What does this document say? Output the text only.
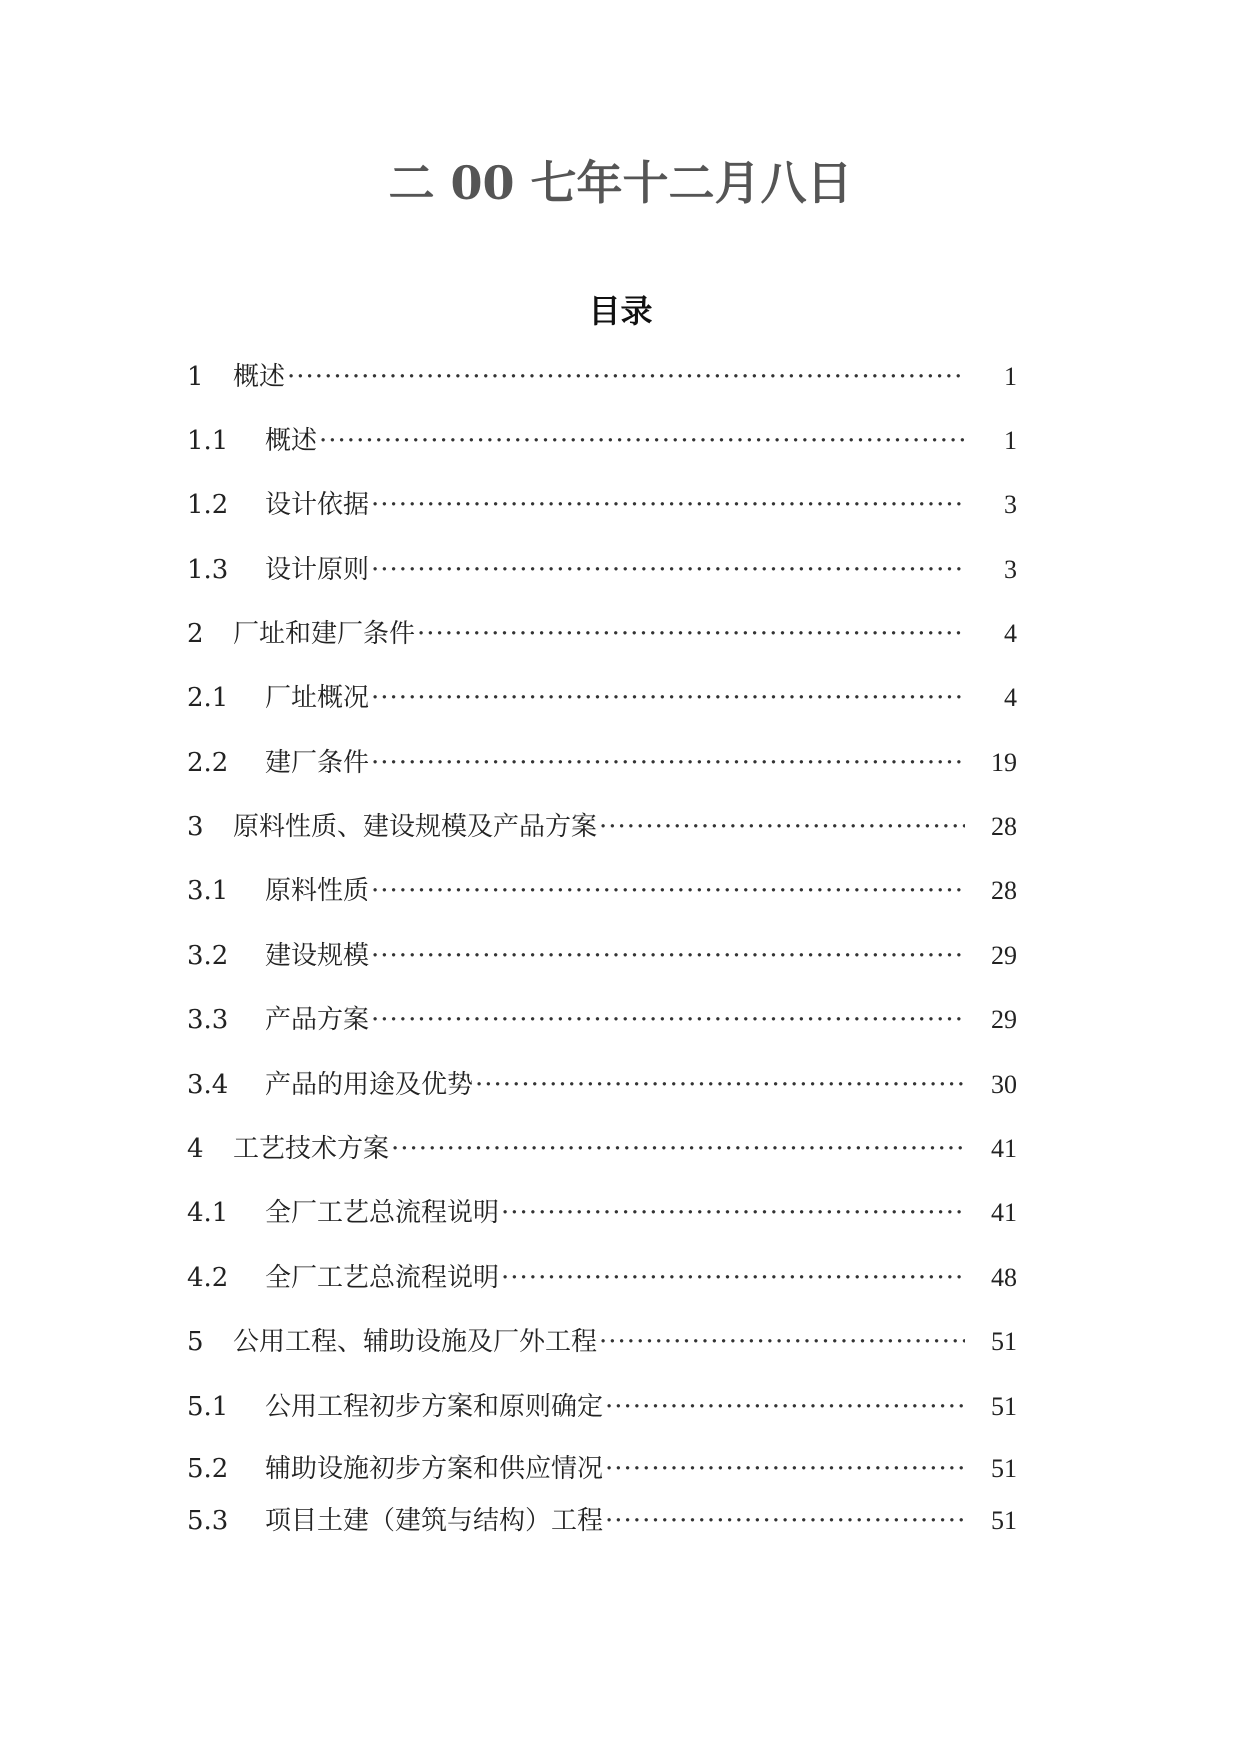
二 00 七年十二月八日
目录
1	概述 ·····	1
1.1	概述 ·····	1
1.2	设计依据 ·····	3
1.3	设计原则 ·····	3
2	厂址和建厂条件 ·····	4
2.1	厂址概况 ·····	4
2.2	建厂条件 ·····	19
3	原料性质、建设规模及产品方案 ·····	28
3.1	原料性质 ·····	28
3.2	建设规模 ·····	29
3.3	产品方案 ·····	29
3.4	产品的用途及优势 ·····	30
4	工艺技术方案 ·····	41
4.1	全厂工艺总流程说明 ·····	41
4.2	全厂工艺总流程说明 ·····	48
5	公用工程、辅助设施及厂外工程 ·····	51
5.1	公用工程初步方案和原则确定 ·····	51
5.2	辅助设施初步方案和供应情况 ·····	51
5.3	项目土建（建筑与结构）工程 ·····	51
